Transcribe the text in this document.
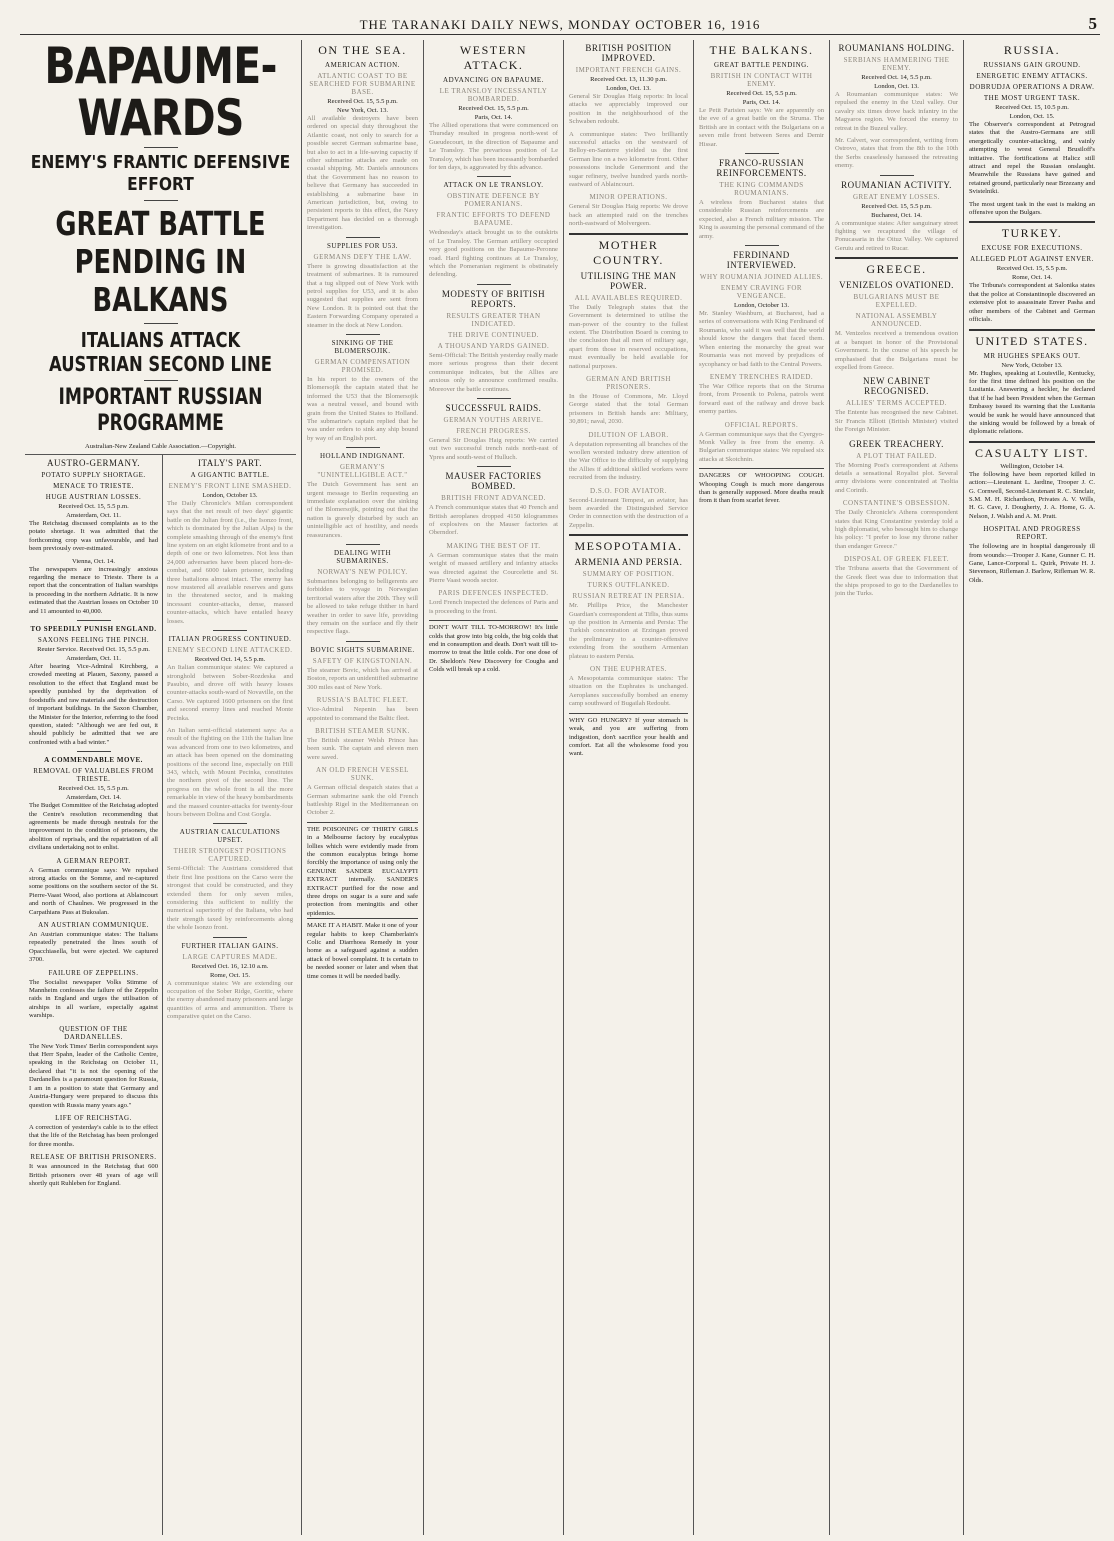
THE TARANAKI DAILY NEWS, MONDAY OCTOBER 16, 1916	5
BAPAUME-WARDS
ENEMY'S FRANTIC DEFENSIVE EFFORT
GREAT BATTLE PENDING IN BALKANS
ITALIANS ATTACK AUSTRIAN SECOND LINE
IMPORTANT RUSSIAN PROGRAMME
Australian-New Zealand Cable Association.—Copyright.
AUSTRO-GERMANY.
POTATO SUPPLY SHORTAGE.
MENACE TO TRIESTE.
HUGE AUSTRIAN LOSSES.
Received Oct. 15, 5.5 p.m.
Amsterdam, Oct. 11.

The Reichstag discussed complaints as to the potato shortage. It was admitted that the forthcoming crop was unfavourable, and had been previously over-estimated.

Vienna, Oct. 14.

The newspapers are increasingly anxious regarding the menace to Trieste. There is a report that the concentration of Italian warships is proceeding in the northern Adriatic. It is now estimated that the Austrian losses on October 10 and 11 amounted to 40,000.

TO SPEEDILY PUNISH ENGLAND.
SAXONS FEELING THE PINCH.
Reuter Service. Received Oct. 15, 5.5 p.m.
Amsterdam, Oct. 11.

After hearing Vice-Admiral Kirchberg, a crowded meeting at Plauen, Saxony, passed a resolution to the effect that England must be speedily punished by the deprivation of foodstuffs and raw materials and the destruction of important buildings. In the Saxon Chamber, the Minister for the Interior, referring to the food question, stated: "Although we are fed out, it should publicly be admitted that we are confronted with a bad winter."

A COMMENDABLE MOVE.
REMOVAL OF VALUABLES FROM TRIESTE.
Received Oct. 15, 5.5 p.m.
Amsterdam, Oct. 14.

The Budget Committee of the Reichstag adopted the Centre's resolution recommending that agreements be made through neutrals for the improvement in the condition of prisoners, the abolition of reprisals, and the repatriation of all civilians undertaking not to enlist.

A GERMAN REPORT.

A German communique says: We repulsed strong attacks on the Somme, and re-captured some positions on the southern sector of the St. Pierre-Vaast Wood, also portions at Ablaincourt and north of Chaulnes. We progressed in the Carpathians Pass at Bukoalan.

AN AUSTRIAN COMMUNIQUE.

An Austrian communique states: The Italians repeatedly penetrated the lines south of Opacchiasella, but were ejected. We captured 3700.

FAILURE OF ZEPPELINS.

The Socialist newspaper Volks Stimme of Mannheim confesses the failure of the Zeppelin raids in England and urges the utilisation of airships in all warfare, especially against warships.

QUESTION OF THE DARDANELLES.

The New York Times' Berlin correspondent says that Herr Spahn, leader of the Catholic Centre, speaking in the Reichstag on October 11, declared that "it is not the opening of the Dardanelles is a paramount question for Russia, I am in a position to state that Germany and Austria-Hungary were prepared to discuss this question with Russia many years ago."

LIFE OF REICHSTAG.

A correction of yesterday's cable is to the effect that the life of the Reichstag has been prolonged for three months.

RELEASE OF BRITISH PRISONERS.

It was announced in the Reichstag that 600 British prisoners over 48 years of age will shortly quit Ruhleben for England.

ITALY'S PART.
A GIGANTIC BATTLE.
ENEMY'S FRONT LINE SMASHED.
London, October 13.

The Daily Chronicle's Milan correspondent says that the net result of two days' gigantic battle on the Julian front (i.e., the Isonzo front, which is dominated by the Julian Alps) is the complete smashing through of the enemy's first line system on an eight kilometre front and to a depth of one or two kilometres. Not less than 24,000 adversaries have been placed hors-de-combat, and 6000 taken prisoner, including three battalions almost intact. The enemy has now mustered all available reserves and guns in the threatened sector, and is making incessant counter-attacks, dense, massed counter-attacks, which have entailed heavy losses.

ITALIAN PROGRESS CONTINUED.
ENEMY SECOND LINE ATTACKED.
Received Oct. 14, 5.5 p.m.

An Italian communique states: We captured a stronghold between Sober-Rozdeska and Pasubio, and drove off with heavy losses counter-attacks south-ward of Novaville, on the Carso. We captured 1600 prisoners on the first and second enemy lines and reached Monte Pecinka.

An Italian semi-official statement says: As a result of the fighting on the 11th the Italian line was advanced from one to two kilometres, and an attack has been opened on the dominating positions of the second line, especially on Hill 343, which, with Mount Pecinka, constitutes the northern pivot of the second line. The progress on the whole front is all the more remarkable in view of the heavy bombardments and the massed counter-attacks for twenty-four hours between Dolina and Cost Gorgla.

AUSTRIAN CALCULATIONS UPSET.
THEIR STRONGEST POSITIONS CAPTURED.

Semi-Official: The Austrians considered that their first line positions on the Carso were the strongest that could be constructed, and they extended them for only seven miles, considering this sufficient to nullify the numerical superiority of the Italians, who had their strength taxed by reinforcements along the whole Isonzo front.

FURTHER ITALIAN GAINS.
LARGE CAPTURES MADE.
Received Oct. 16, 12.10 a.m.
Rome, Oct. 15.

A communique states: We are extending our occupation of the Sober Ridge, Goritic, where the enemy abandoned many prisoners and large quantities of arms and ammunition. There is comparative quiet on the Carso.

ON THE SEA.
AMERICAN ACTION.
ATLANTIC COAST TO BE SEARCHED FOR SUBMARINE BASE.
Received Oct. 15, 5.5 p.m.
New York, Oct. 13.

All available destroyers have been ordered on special duty throughout the Atlantic coast, not only to search for a possible secret German submarine base, but also to act in a life-saving capacity if other submarine attacks are made on coastal shipping. Mr. Daniels announces that the Government has no reason to believe that Germany has succeeded in establishing a submarine base in American jurisdiction, but, owing to persistent reports to this effect, the Navy Department has decided on a thorough investigation.

SUPPLIES FOR U53.
GERMANS DEFY THE LAW.

There is growing dissatisfaction at the treatment of submarines. It is rumoured that a tug slipped out of New York with petrol supplies for U53, and it is also suggested that supplies are sent from New London. It is pointed out that the Eastern Forwarding Company operated a steamer in the dock at New London.

SINKING OF THE BLOMERSOJIK.
GERMAN COMPENSATION PROMISED.

In his report to the owners of the Blomersojik the captain stated that he informed the U53 that the Blomersojik was a neutral vessel, and bound with grain from the United States to Holland. The submarine's captain replied that he was under orders to sink any ship bound by way of an English port.

HOLLAND INDIGNANT.
GERMANY'S "UNINTELLIGIBLE ACT."

The Dutch Government has sent an urgent message to Berlin requesting an immediate explanation over the sinking of the Blomersojik, pointing out that the nation is gravely disturbed by such an unintelligible act of hostility, and needs reassurances.

DEALING WITH SUBMARINES.
NORWAY'S NEW POLICY.

Submarines belonging to belligerents are forbidden to voyage in Norwegian territorial waters after the 20th. They will be allowed to take refuge thither in hard weather in order to save life, providing they remain on the surface and fly their respective flags.

BOVIC SIGHTS SUBMARINE.
SAFETY OF KINGSTONIAN.

The steamer Bovic, which has arrived at Boston, reports an unidentified submarine 300 miles east of New York.

RUSSIA'S BALTIC FLEET.

Vice-Admiral Nepenin has been appointed to command the Baltic fleet.

BRITISH STEAMER SUNK.

The British steamer Welsh Prince has been sunk. The captain and eleven men were saved.

AN OLD FRENCH VESSEL SUNK.

A German official despatch states that a German submarine sank the old French battleship Rigel in the Mediterranean on October 2.

THE POISONING OF THIRTY GIRLS in a Melbourne factory by eucalyptus lollies which were evidently made from the common eucalyptus brings home forcibly the importance of using only the GENUINE SANDER EUCALYPTI EXTRACT internally. SANDER'S EXTRACT purified for the nose and three drops on sugar is a sure and safe protection from meningitis and other epidemics.
MAKE IT A HABIT. Make it one of your regular habits to keep Chamberlain's Colic and Diarrhoea Remedy in your home as a safeguard against a sudden attack of bowel complaint. It is certain to be needed sooner or later and when that time comes it will be needed badly.
WESTERN ATTACK.
ADVANCING ON BAPAUME.
LE TRANSLOY INCESSANTLY BOMBARDED.
Received Oct. 15, 5.5 p.m.
Paris, Oct. 14.

The Allied operations that were commenced on Thursday resulted in progress north-west of Gueudecourt, in the direction of Bapaume and Le Transloy. The prevarious position of Le Transloy, which has been incessantly bombarded for ten days, is aggravated by this advance.

ATTACK ON LE TRANSLOY.
OBSTINATE DEFENCE BY POMERANIANS.
FRANTIC EFFORTS TO DEFEND BAPAUME.

Wednesday's attack brought us to the outskirts of Le Transloy. The German artillery occupied very good positions on the Bapaume-Peronne road. Hard fighting continues at Le Transloy, which the Pomeranian regiment is obstinately defending.

MODESTY OF BRITISH REPORTS.
RESULTS GREATER THAN INDICATED.
THE DRIVE CONTINUED.
A THOUSAND YARDS GAINED.

Semi-Official: The British yesterday really made more serious progress than their decent communique indicates, but the Allies are anxious only to announce confirmed results. Moreover the battle continues.

SUCCESSFUL RAIDS.
GERMAN YOUTHS ARRIVE.
FRENCH PROGRESS.

General Sir Douglas Haig reports: We carried out two successful trench raids north-east of Ypres and south-west of Hulluch.

MAUSER FACTORIES BOMBED.
BRITISH FRONT ADVANCED.

A French communique states that 40 French and British aeroplanes dropped 4150 kilogrammes of explosives on the Mauser factories at Oberndorf.

MAKING THE BEST OF IT.

A German communique states that the main weight of massed artillery and infantry attacks was directed against the Courcelette and St. Pierre Vaast woods sector.

PARIS DEFENCES INSPECTED.

Lord French inspected the defences of Paris and is proceeding to the front.

DON'T WAIT TILL TO-MORROW! It's little colds that grow into big colds, the big colds that end in consumption and death. Don't wait till to-morrow to treat the little colds. For one dose of Dr. Sheldon's New Discovery for Coughs and Colds will break up a cold.
BRITISH POSITION IMPROVED.
IMPORTANT FRENCH GAINS.
Received Oct. 13, 11.30 p.m.
London, Oct. 13.

General Sir Douglas Haig reports: In local attacks we appreciably improved our position in the neighbourhood of the Schwaben redoubt.

A communique states: Two brilliantly successful attacks on the westward of Belloy-en-Santerre yielded us the first German line on a two kilometre front. Other possessions include Genermont and the sugar refinery, twelve hundred yards north-eastward of Ablaincourt.

MINOR OPERATIONS.

General Sir Douglas Haig reports: We drove back an attempted raid on the trenches north-eastward of Molvergeen.

MOTHER COUNTRY.
UTILISING THE MAN POWER.
ALL AVAILABLES REQUIRED.

The Daily Telegraph states that the Government is determined to utilise the man-power of the country to the fullest extent. The Distribution Board is coming to the conclusion that all men of military age, apart from those in reserved occupations, must eventually be held available for national purposes.

GERMAN AND BRITISH PRISONERS.

In the House of Commons, Mr. Lloyd George stated that the total German prisoners in British hands are: Military, 30,891; naval, 2030.

DILUTION OF LABOR.

A deputation representing all branches of the woollen worsted industry drew attention of the War Office to the difficulty of supplying the Allies if additional skilled workers were recruited from the industry.

D.S.O. FOR AVIATOR.

Second-Lieutenant Tempest, an aviator, has been awarded the Distinguished Service Order in connection with the destruction of a Zeppelin.

MESOPOTAMIA.
ARMENIA AND PERSIA.
SUMMARY OF POSITION.
TURKS OUTFLANKED.
RUSSIAN RETREAT IN PERSIA.

Mr. Phillips Price, the Manchester Guardian's correspondent at Tiflis, thus sums up the position in Armenia and Persia: The Turkish concentration at Erzingan proved the preliminary to a counter-offensive extending from the southern Armenian plateau to eastern Persia.

ON THE EUPHRATES.

A Mesopotamia communique states: The situation on the Euphrates is unchanged. Aeroplanes successfully bombed an enemy camp southward of Bugailah Redoubt.

WHY GO HUNGRY? If your stomach is weak, and you are suffering from indigestion, don't sacrifice your health and comfort. Eat all the wholesome food you want.
THE BALKANS.
GREAT BATTLE PENDING.
BRITISH IN CONTACT WITH ENEMY.
Received Oct. 15, 5.5 p.m.
Paris, Oct. 14.

Le Petit Parisien says: We are apparently on the eve of a great battle on the Struma. The British are in contact with the Bulgarians on a seven mile front between Seres and Demir Hissar.

FRANCO-RUSSIAN REINFORCEMENTS.
THE KING COMMANDS ROUMANIANS.

A wireless from Bucharest states that considerable Russian reinforcements are expected, also a French military mission. The King is assuming the personal command of the army.

FERDINAND INTERVIEWED.
WHY ROUMANIA JOINED ALLIES.
ENEMY CRAVING FOR VENGEANCE.
London, October 13.

Mr. Stanley Washburn, at Bucharest, had a series of conversations with King Ferdinand of Roumania, who said it was well that the world should know the dangers that faced them. When entering the monarchy the great war Roumania was not moved by prejudices of sycophancy or bad faith to the Central Powers.

ENEMY TRENCHES RAIDED.

The War Office reports that on the Struma front, from Prosenik to Polena, patrols went forward east of the railway and drove back enemy parties.

OFFICIAL REPORTS.

A German communique says that the Cyergyo-Monk Valley is free from the enemy. A Bulgarian communique states: We repulsed six attacks at Skotchnin.

DANGERS OF WHOOPING COUGH. Whooping Cough is much more dangerous than is generally supposed. More deaths result from it than from scarlet fever.
ROUMANIANS HOLDING.
SERBIANS HAMMERING THE ENEMY.
Received Oct. 14, 5.5 p.m.
London, Oct. 13.

A Roumanian communique states: We repulsed the enemy in the Uzul valley. Our cavalry six times drove back infantry in the Magyaros region. We forced the enemy to retreat in the Buzeul valley.

Mr. Calvert, war correspondent, writing from Ostrovo, states that from the 8th to the 10th the Serbs ceaselessly harassed the retreating enemy.

ROUMANIAN ACTIVITY.
GREAT ENEMY LOSSES.
Received Oct. 15, 5.5 p.m.
Bucharest, Oct. 14.

A communique states: After sanguinary street fighting we recaptured the village of Ponucasaria in the Oituz Valley. We captured Geruiu and retired to Rucar.

GREECE.
VENIZELOS OVATIONED.
BULGARIANS MUST BE EXPELLED.
NATIONAL ASSEMBLY ANNOUNCED.

M. Venizelos received a tremendous ovation at a banquet in honor of the Provisional Government. In the course of his speech he emphasised that the Bulgarians must be expelled from Greece.

NEW CABINET RECOGNISED.
ALLIES' TERMS ACCEPTED.

The Entente has recognised the new Cabinet. Sir Francis Elliott (British Minister) visited the Foreign Minister.

GREEK TREACHERY.
A PLOT THAT FAILED.

The Morning Post's correspondent at Athens details a sensational Royalist plot. Several army divisions were concentrated at Tsoltia and Corinth.

CONSTANTINE'S OBSESSION.

The Daily Chronicle's Athens correspondent states that King Constantine yesterday told a high diplomatist, who besought him to change his policy: "I prefer to lose my throne rather than endanger Greece."

DISPOSAL OF GREEK FLEET.

The Tribuna asserts that the Government of the Greek fleet was due to information that the ships proposed to go to the Dardanelles to join the Turks.

RUSSIA.
RUSSIANS GAIN GROUND.
ENERGETIC ENEMY ATTACKS.
DOBRUDJA OPERATIONS A DRAW.
THE MOST URGENT TASK.
Received Oct. 15, 10.5 p.m.
London, Oct. 15.

The Observer's correspondent at Petrograd states that the Austro-Germans are still energetically counter-attacking, and vainly attempting to wrest General Brusiloff's initiative. The fortifications at Halicz still attract and repel the Russian onslaught. Meanwhile the Russians have gained and retained ground, particularly near Brzezany and Svistelniki.

The most urgent task in the east is making an offensive upon the Bulgars.

TURKEY.
EXCUSE FOR EXECUTIONS.
ALLEGED PLOT AGAINST ENVER.
Received Oct. 15, 5.5 p.m.
Rome, Oct. 14.

The Tribuna's correspondent at Salonika states that the police at Constantinople discovered an extensive plot to assassinate Enver Pasha and other members of the Cabinet and German officials.

UNITED STATES.
MR HUGHES SPEAKS OUT.
New York, October 13.

Mr. Hughes, speaking at Louisville, Kentucky, for the first time defined his position on the Lusitania. Answering a heckler, he declared that if he had been President when the German Embassy issued its warning that the Lusitania would be sunk he would have announced that the sinking would be followed by a break of diplomatic relations.

CASUALTY LIST.
Wellington, October 14.

The following have been reported killed in action:—Lieutenant L. Jardine, Trooper J. C. G. Cornwell, Second-Lieutenant R. C. Sinclair, S.M. M. H. Richardson, Privates A. V. Wills, H. G. Cave, J. Dougherty, J. A. Home, G. A. Nelson, J. Walsh and A. M. Pratt.

HOSPITAL AND PROGRESS REPORT.

The following are in hospital dangerously ill from wounds:—Trooper J. Kane, Gunner C. H. Gane, Lance-Corporal L. Quirk, Private H. J. Stevenson, Rifleman J. Barlow, Rifleman W. R. Olds.
